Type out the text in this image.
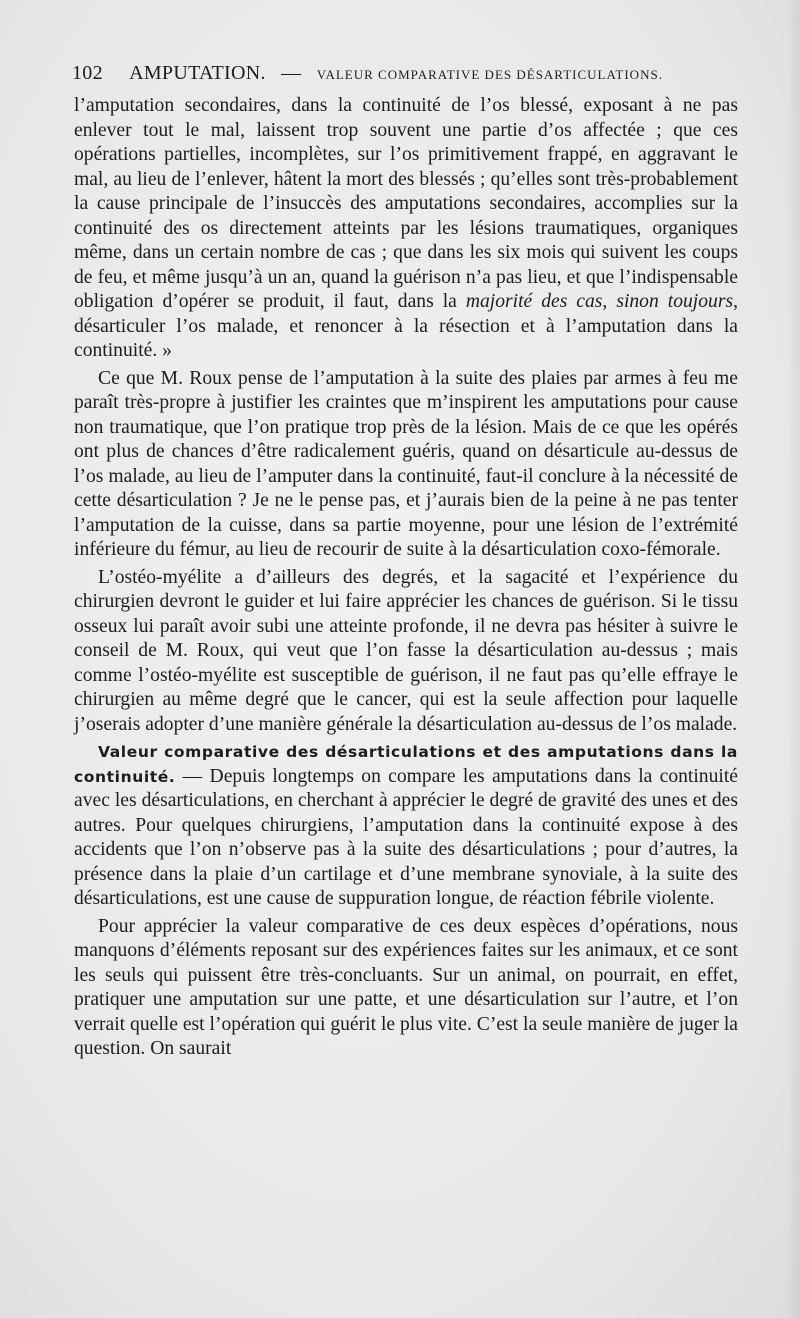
102 AMPUTATION. — VALEUR COMPARATIVE DES DÉSARTICULATIONS.

l’amputation secondaires, dans la continuité de l’os blessé, exposant à ne pas enlever tout le mal, laissent trop souvent une partie d’os affectée ; que ces opérations partielles, incomplètes, sur l’os primitivement frappé, en aggravant le mal, au lieu de l’enlever, hâtent la mort des blessés ; qu’elles sont très-probablement la cause principale de l’insuccès des amputations secondaires, accomplies sur la continuité des os directement atteints par les lésions traumatiques, organiques même, dans un certain nombre de cas ; que dans les six mois qui suivent les coups de feu, et même jusqu’à un an, quand la guérison n’a pas lieu, et que l’indispensable obligation d’opérer se produit, il faut, dans la majorité des cas, sinon toujours, désarticuler l’os malade, et renoncer à la résection et à l’amputation dans la continuité. »

Ce que M. Roux pense de l’amputation à la suite des plaies par armes à feu me paraît très-propre à justifier les craintes que m’inspirent les amputations pour cause non traumatique, que l’on pratique trop près de la lésion. Mais de ce que les opérés ont plus de chances d’être radicalement guéris, quand on désarticule au-dessus de l’os malade, au lieu de l’amputer dans la continuité, faut-il conclure à la nécessité de cette désarticulation ? Je ne le pense pas, et j’aurais bien de la peine à ne pas tenter l’amputation de la cuisse, dans sa partie moyenne, pour une lésion de l’extrémité inférieure du fémur, au lieu de recourir de suite à la désarticulation coxo-fémorale.

L’ostéo-myélite a d’ailleurs des degrés, et la sagacité et l’expérience du chirurgien devront le guider et lui faire apprécier les chances de guérison. Si le tissu osseux lui paraît avoir subi une atteinte profonde, il ne devra pas hésiter à suivre le conseil de M. Roux, qui veut que l’on fasse la désarticulation au-dessus ; mais comme l’ostéo-myélite est susceptible de guérison, il ne faut pas qu’elle effraye le chirurgien au même degré que le cancer, qui est la seule affection pour laquelle j’oserais adopter d’une manière générale la désarticulation au-dessus de l’os malade.

Valeur comparative des désarticulations et des amputations dans la continuité. — Depuis longtemps on compare les amputations dans la continuité avec les désarticulations, en cherchant à apprécier le degré de gravité des unes et des autres. Pour quelques chirurgiens, l’amputation dans la continuité expose à des accidents que l’on n’observe pas à la suite des désarticulations ; pour d’autres, la présence dans la plaie d’un cartilage et d’une membrane synoviale, à la suite des désarticulations, est une cause de suppuration longue, de réaction fébrile violente.

Pour apprécier la valeur comparative de ces deux espèces d’opérations, nous manquons d’éléments reposant sur des expériences faites sur les animaux, et ce sont les seuls qui puissent être très-concluants. Sur un animal, on pourrait, en effet, pratiquer une amputation sur une patte, et une désarticulation sur l’autre, et l’on verrait quelle est l’opération qui guérit le plus vite. C’est la seule manière de juger la question. On saurait
